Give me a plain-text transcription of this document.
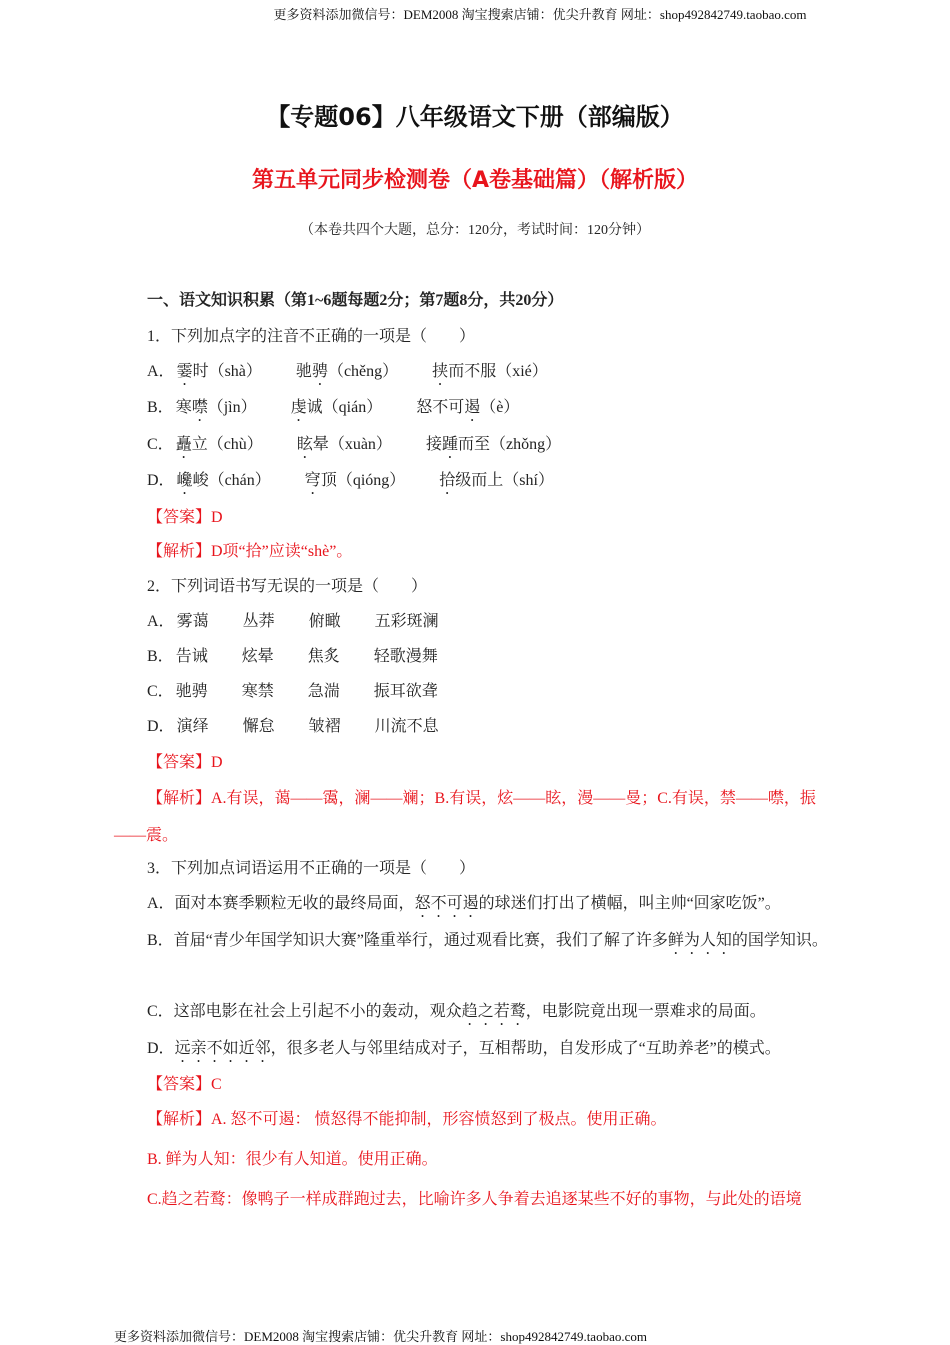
更多资料添加微信号：DEM2008 淘宝搜索店铺：优尖升教育 网址：shop492842749.taobao.com
【专题06】八年级语文下册（部编版）
第五单元同步检测卷（A卷基础篇）（解析版）
（本卷共四个大题，总分：120分，考试时间：120分钟）
一、语文知识积累（第1~6题每题2分；第7题8分，共20分）
1．下列加点字的注音不正确的一项是（　　）
A． 霎时（shà） 驰骋（chěng） 挟而不服（xié）
B． 寒噤（jìn） 虔诚（qián） 怒不可遏（è）
C． 矗立（chù） 眩晕（xuàn） 接踵而至（zhǒng）
D． 巉峻（chán） 穹顶（qióng） 拾级而上（shí）
【答案】D
【解析】D项“拾”应读“shè”。
2．下列词语书写无误的一项是（　　）
A． 雾蔼 丛莽 俯瞰 五彩斑澜
B． 告诫 炫晕 焦炙 轻歌漫舞
C． 驰骋 寒禁 急湍 振耳欲聋
D． 演绎 懈怠 皱褶 川流不息
【答案】D
【解析】A.有误，蔼——霭，澜——斓；B.有误，炫——眩，漫——曼；C.有误，禁——噤，振——震。
3．下列加点词语运用不正确的一项是（　　）
A．面对本赛季颗粒无收的最终局面，怒不可遏的球迷们打出了横幅，叫主帅“回家吃饭”。
B．首届“青少年国学知识大赛”隆重举行，通过观看比赛，我们了解了许多鲜为人知的国学知识。
C．这部电影在社会上引起不小的轰动，观众趋之若鹜，电影院竟出现一票难求的局面。
D．远亲不如近邻，很多老人与邻里结成对子，互相帮助，自发形成了“互助养老”的模式。
【答案】C
【解析】A. 怒不可遏： 愤怒得不能抑制，形容愤怒到了极点。使用正确。
B. 鲜为人知：很少有人知道。使用正确。
C.趋之若鹜：像鸭子一样成群跑过去，比喻许多人争着去追逐某些不好的事物，与此处的语境
更多资料添加微信号：DEM2008 淘宝搜索店铺：优尖升教育 网址：shop492842749.taobao.com
